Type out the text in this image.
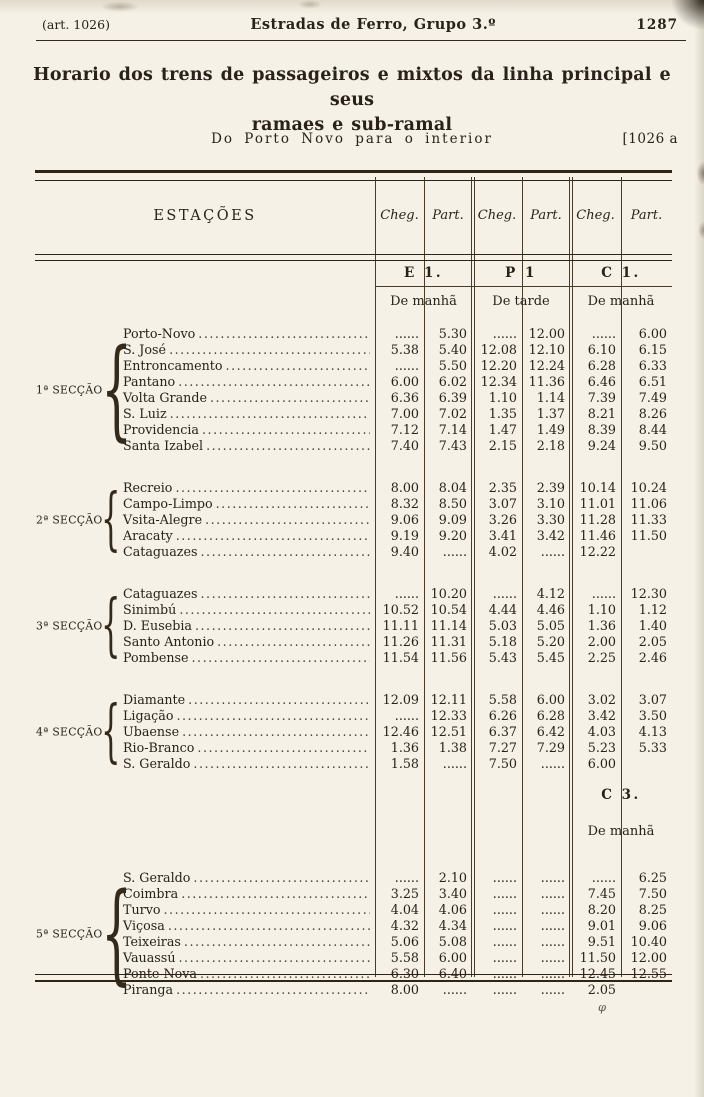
(art. 1026)	Estradas de Ferro, Grupo 3.º	1287
Horario dos trens de passageiros e mixtos da linha principal e seus
ramaes e sub-ramal
Do Porto Novo para o interior	[1026 a
ESTAÇÕES	Cheg.	Part.	Cheg.	Part.	Cheg.	Part.
E 1.	P 1	C 1.
De manhã	De tarde	De manhã
1ª SECÇÃO
{
Porto-Novo .....	......	5.30	...... 12.00	......	6.00
S. José .....	5.38	5.40	12.08 12.10	6.10	6.15
Entroncamento .....	......	5.50	12.20 12.24	6.28	6.33
Pantano .....	6.00	6.02	12.34 11.36	6.46	6.51
Volta Grande .....	6.36	6.39	1.10	1.14	7.39	7.49
S. Luiz .....	7.00	7.02	1.35	1.37	8.21	8.26
Providencia .....	7.12	7.14	1.47	1.49	8.39	8.44
Santa Izabel .....	7.40	7.43	2.15	2.18	9.24	9.50
2ª SECÇÃO
{ Recreio .....	8.00	8.04	2.35	2.39	10.14	10.24
Campo-Limpo .....	8.32	8.50	3.07	3.10	11.01	11.06
Vsita-Alegre .....	9.06	9.09	3.26	3.30	11.28	11.33
Aracaty .....	9.19	9.20	3.41	3.42	11.46	11.50
Cataguazes .....	9.40	......	4.02	......	12.22
3ª SECÇÃO
{ Cataguazes .....	...... 10.20	......	4.12	......	12.30
Sinimbú .....	10.52 10.54	4.44	4.46	1.10	1.12
D. Eusebia .....	11.11 11.14	5.03	5.05	1.36	1.40
Santo Antonio .....	11.26 11.31	5.18	5.20	2.00	2.05
Pombense .....	11.54 11.56	5.43	5.45	2.25	2.46
4ª SECÇÃO
{ Diamante .....	12.09 12.11	5.58	6.00	3.02	3.07
Ligação .....	...... 12.33	6.26	6.28	3.42	3.50
Ubaense .....	12.46 12.51	6.37	6.42	4.03	4.13
Rio-Branco .....	1.36	1.38	7.27	7.29	5.23	5.33
S. Geraldo .....	1.58	......	7.50	......	6.00
C 3.
De manhã
5ª SECÇÃO
{
S. Geraldo .....	......	2.10	......	......	......	6.25
Coimbra .....	3.25	3.40	......	......	7.45	7.50
Turvo .....	4.04	4.06	......	......	8.20	8.25
Viçosa .....	4.32	4.34	......	......	9.01	9.06
Teixeiras .....	5.06	5.08	......	......	9.51	10.40
Vauassú .....	5.58	6.00	......	......	11.50	12.00
Ponte Nova .....	6.30	6.40	......	......	12.45	12.55
Piranga .....	8.00	......	......	......	2.05
φ
